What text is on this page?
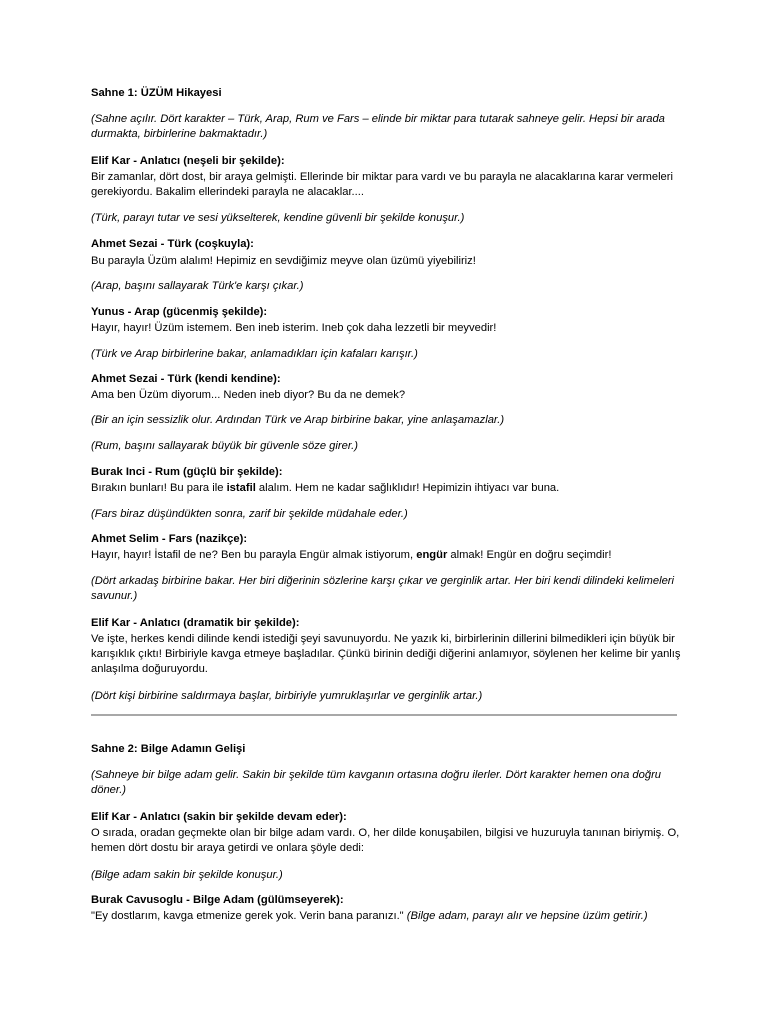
Sahne 1: ÜZÜM Hikayesi
(Sahne açılır. Dört karakter – Türk, Arap, Rum ve Fars – elinde bir miktar para tutarak sahneye gelir. Hepsi bir arada durmakta, birbirlerine bakmaktadır.)
Elif Kar - Anlatıcı (neşeli bir şekilde):
Bir zamanlar, dört dost, bir araya gelmişti. Ellerinde bir miktar para vardı ve bu parayla ne alacaklarına karar vermeleri gerekiyordu. Bakalim ellerindeki parayla ne alacaklar....
(Türk, parayı tutar ve sesi yükselterek, kendine güvenli bir şekilde konuşur.)
Ahmet Sezai - Türk (coşkuyla):
Bu parayla Üzüm alalım! Hepimiz en sevdiğimiz meyve olan üzümü yiyebiliriz!
(Arap, başını sallayarak Türk'e karşı çıkar.)
Yunus - Arap (gücenmiş şekilde):
Hayır, hayır! Üzüm istemem. Ben ineb isterim. Ineb çok daha lezzetli bir meyvedir!
(Türk ve Arap birbirlerine bakar, anlamadıkları için kafaları karışır.)
Ahmet Sezai - Türk (kendi kendine):
Ama ben Üzüm diyorum... Neden ineb diyor? Bu da ne demek?
(Bir an için sessizlik olur. Ardından Türk ve Arap birbirine bakar, yine anlaşamazlar.)
(Rum, başını sallayarak büyük bir güvenle söze girer.)
Burak Inci - Rum (güçlü bir şekilde):
Bırakın bunları! Bu para ile istafil alalım. Hem ne kadar sağlıklıdır! Hepimizin ihtiyacı var buna.
(Fars biraz düşündükten sonra, zarif bir şekilde müdahale eder.)
Ahmet Selim - Fars (nazikçe):
Hayır, hayır! İstafil de ne? Ben bu parayla Engür almak istiyorum, engür almak! Engür en doğru seçimdir!
(Dört arkadaş birbirine bakar. Her biri diğerinin sözlerine karşı çıkar ve gerginlik artar. Her biri kendi dilindeki kelimeleri savunur.)
Elif Kar - Anlatıcı (dramatik bir şekilde):
Ve işte, herkes kendi dilinde kendi istediği şeyi savunuyordu. Ne yazık ki, birbirlerinin dillerini bilmedikleri için büyük bir karışıklık çıktı! Birbiriyle kavga etmeye başladılar. Çünkü birinin dediği diğerini anlamıyor, söylenen her kelime bir yanlış anlaşılma doğuruyordu.
(Dört kişi birbirine saldırmaya başlar, birbiriyle yumruklaşırlar ve gerginlik artar.)
Sahne 2: Bilge Adamın Gelişi
(Sahneye bir bilge adam gelir. Sakin bir şekilde tüm kavganın ortasına doğru ilerler. Dört karakter hemen ona doğru döner.)
Elif Kar - Anlatıcı (sakin bir şekilde devam eder):
O sırada, oradan geçmekte olan bir bilge adam vardı. O, her dilde konuşabilen, bilgisi ve huzuruyla tanınan biriymiş. O, hemen dört dostu bir araya getirdi ve onlara şöyle dedi:
(Bilge adam sakin bir şekilde konuşur.)
Burak Cavusoglu - Bilge Adam (gülümseyerek):
"Ey dostlarım, kavga etmenize gerek yok. Verin bana paranızı." (Bilge adam, parayı alır ve hepsine üzüm getirir.)
